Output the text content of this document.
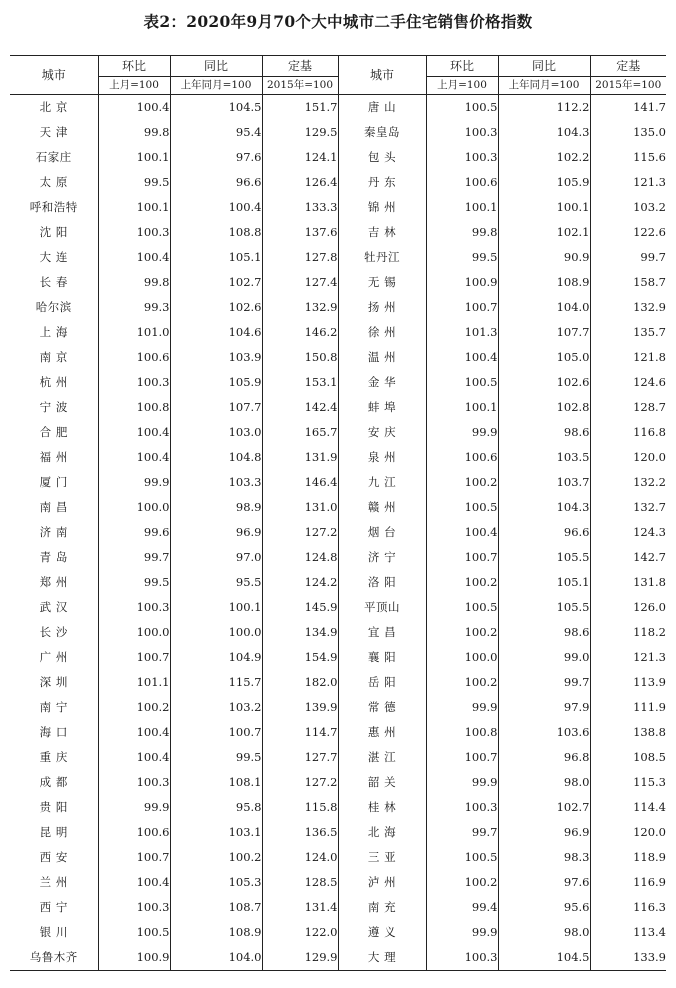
表2：2020年9月70个大中城市二手住宅销售价格指数
城市	环比	同比	定基	城市	环比	同比	定基
	上月=100	上年同月=100	2015年=100		上月=100	上年同月=100	2015年=100
北 京	100.4	104.5	151.7	唐 山	100.5	112.2	141.7
天 津	99.8	95.4	129.5	秦皇岛	100.3	104.3	135.0
石家庄	100.1	97.6	124.1	包 头	100.3	102.2	115.6
太 原	99.5	96.6	126.4	丹 东	100.6	105.9	121.3
呼和浩特	100.1	100.4	133.3	锦 州	100.1	100.1	103.2
沈 阳	100.3	108.8	137.6	吉 林	99.8	102.1	122.6
大 连	100.4	105.1	127.8	牡丹江	99.5	90.9	99.7
长 春	99.8	102.7	127.4	无 锡	100.9	108.9	158.7
哈尔滨	99.3	102.6	132.9	扬 州	100.7	104.0	132.9
上 海	101.0	104.6	146.2	徐 州	101.3	107.7	135.7
南 京	100.6	103.9	150.8	温 州	100.4	105.0	121.8
杭 州	100.3	105.9	153.1	金 华	100.5	102.6	124.6
宁 波	100.8	107.7	142.4	蚌 埠	100.1	102.8	128.7
合 肥	100.4	103.0	165.7	安 庆	99.9	98.6	116.8
福 州	100.4	104.8	131.9	泉 州	100.6	103.5	120.0
厦 门	99.9	103.3	146.4	九 江	100.2	103.7	132.2
南 昌	100.0	98.9	131.0	赣 州	100.5	104.3	132.7
济 南	99.6	96.9	127.2	烟 台	100.4	96.6	124.3
青 岛	99.7	97.0	124.8	济 宁	100.7	105.5	142.7
郑 州	99.5	95.5	124.2	洛 阳	100.2	105.1	131.8
武 汉	100.3	100.1	145.9	平顶山	100.5	105.5	126.0
长 沙	100.0	100.0	134.9	宜 昌	100.2	98.6	118.2
广 州	100.7	104.9	154.9	襄 阳	100.0	99.0	121.3
深 圳	101.1	115.7	182.0	岳 阳	100.2	99.7	113.9
南 宁	100.2	103.2	139.9	常 德	99.9	97.9	111.9
海 口	100.4	100.7	114.7	惠 州	100.8	103.6	138.8
重 庆	100.4	99.5	127.7	湛 江	100.7	96.8	108.5
成 都	100.3	108.1	127.2	韶 关	99.9	98.0	115.3
贵 阳	99.9	95.8	115.8	桂 林	100.3	102.7	114.4
昆 明	100.6	103.1	136.5	北 海	99.7	96.9	120.0
西 安	100.7	100.2	124.0	三 亚	100.5	98.3	118.9
兰 州	100.4	105.3	128.5	泸 州	100.2	97.6	116.9
西 宁	100.3	108.7	131.4	南 充	99.4	95.6	116.3
银 川	100.5	108.9	122.0	遵 义	99.9	98.0	113.4
乌鲁木齐	100.9	104.0	129.9	大 理	100.3	104.5	133.9
